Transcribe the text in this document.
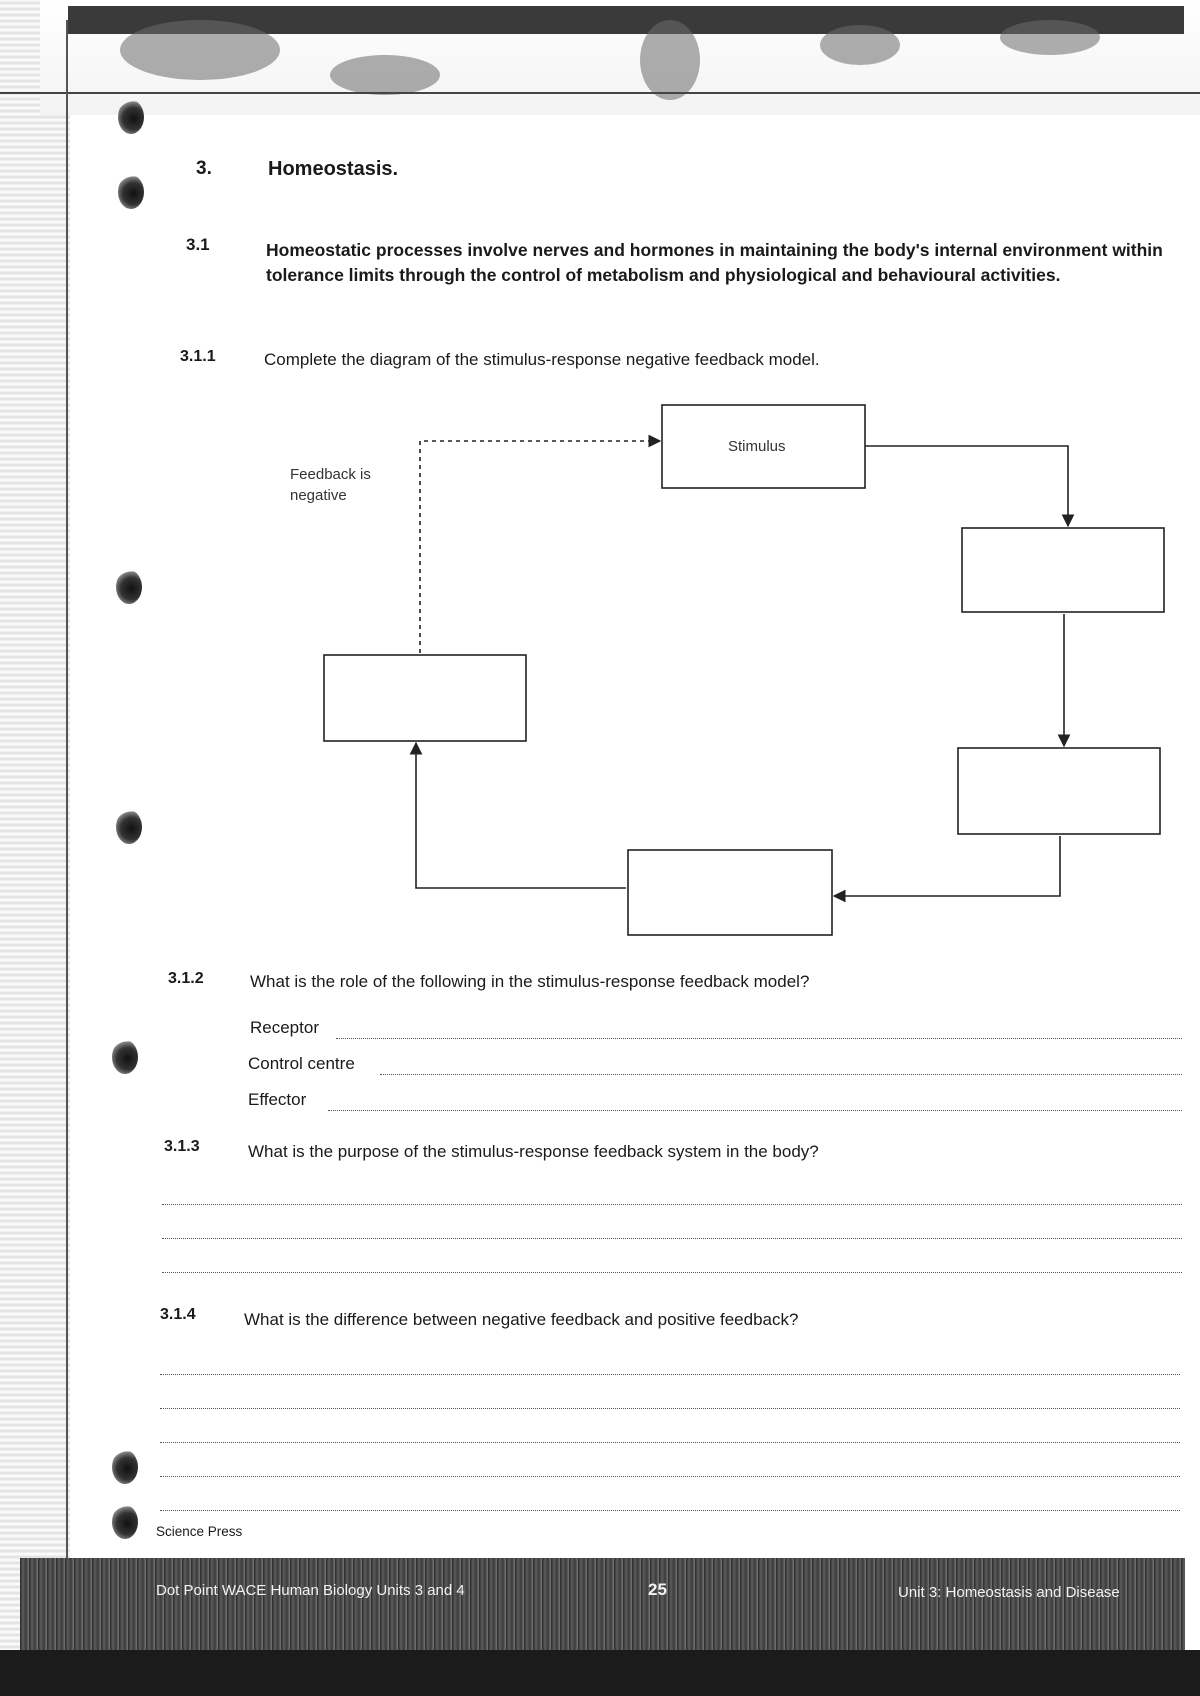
3.	Homeostasis.
3.1	Homeostatic processes involve nerves and hormones in maintaining the body's internal environment within tolerance limits through the control of metabolism and physiological and behavioural activities.
3.1.1	Complete the diagram of the stimulus-response negative feedback model.
Stimulus
Feedback is
negative
3.1.2	What is the role of the following in the stimulus-response feedback model?
Receptor
Control centre
Effector
3.1.3	What is the purpose of the stimulus-response feedback system in the body?
3.1.4	What is the difference between negative feedback and positive feedback?
Science Press
Dot Point WACE Human Biology Units 3 and 4	25	Unit 3: Homeostasis and Disease
